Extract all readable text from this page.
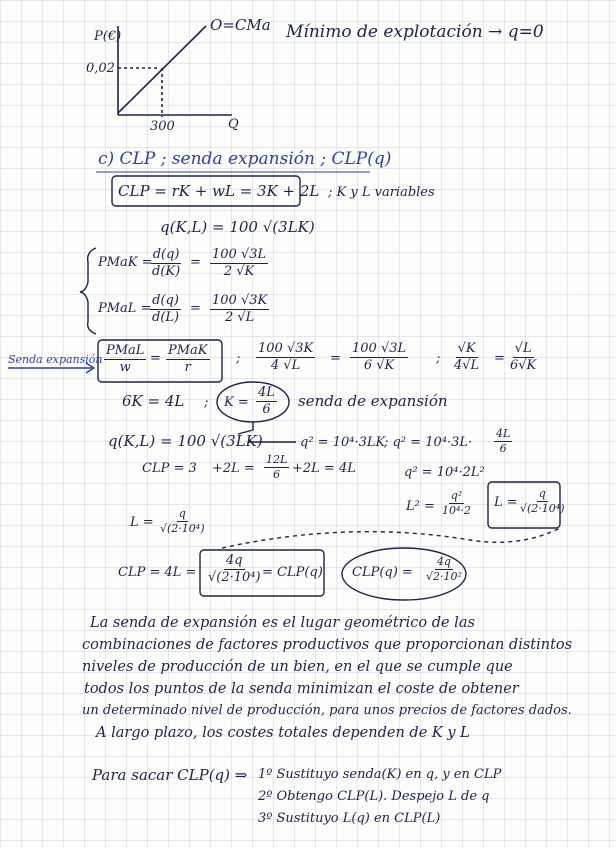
P(€)
O=CMa
0,02
300	Q
Mínimo de explotación → q=0
c) CLP ; senda expansión ; CLP(q)
CLP = rK + wL = 3K + 2L ; K y L variables
q(K,L) = 100 √(3LK)
PMaK =
$\frac{d(q)}{d(K)} = \frac{100 √3L}{2 √K}$
PMaL =
$\frac{d(q)}{d(L)} = \frac{100 √3K}{2 √L}$
Senda expansión
PMaL
w
=
PMaK
r
; $\frac{100 √3K}{4 √L} = \frac{100 √3L}{6 √K}$ ; $\frac{√K}{4√L} = \frac{√L}{6√K}$
6K = 4L ; $K = \frac{4L}{6}$ senda de expansión
q(K,L) = 100 √(3LK)	q² = 10⁴·3LK
; $q^2 = 10^4\cdot 3L\cdot \frac{4L}{6}$
CLP = $3 +2L = \frac{12L}{6} +2L = 4L$	q² = 10⁴·2L²
$L^2 = \frac{\text{q²}}{\text{10⁴·2}}$ $L = \frac{q}{\text{√(2·10⁴)}}$
$L = \frac{q}{\text{√(2·10⁴)}}$
CLP = $4L = \frac{4q}{\text{√(2·10⁴)}} = CLP(q) CLP(q) = \frac{4q}{\text{√2·10²}}$
La senda de expansión es el lugar geométrico de las
combinaciones de factores productivos que proporcionan distintos
niveles de producción de un bien, en el que se cumple que
todos los puntos de la senda minimizan el coste de obtener
un determinado nivel de producción, para unos precios de factores dados.
A largo plazo, los costes totales dependen de K y L
Para sacar CLP(q) ⇒ 1º Sustituyo senda(K) en q, y en CLP
2º Obtengo CLP(L). Despejo L de q
3º Sustituyo L(q) en CLP(L)
